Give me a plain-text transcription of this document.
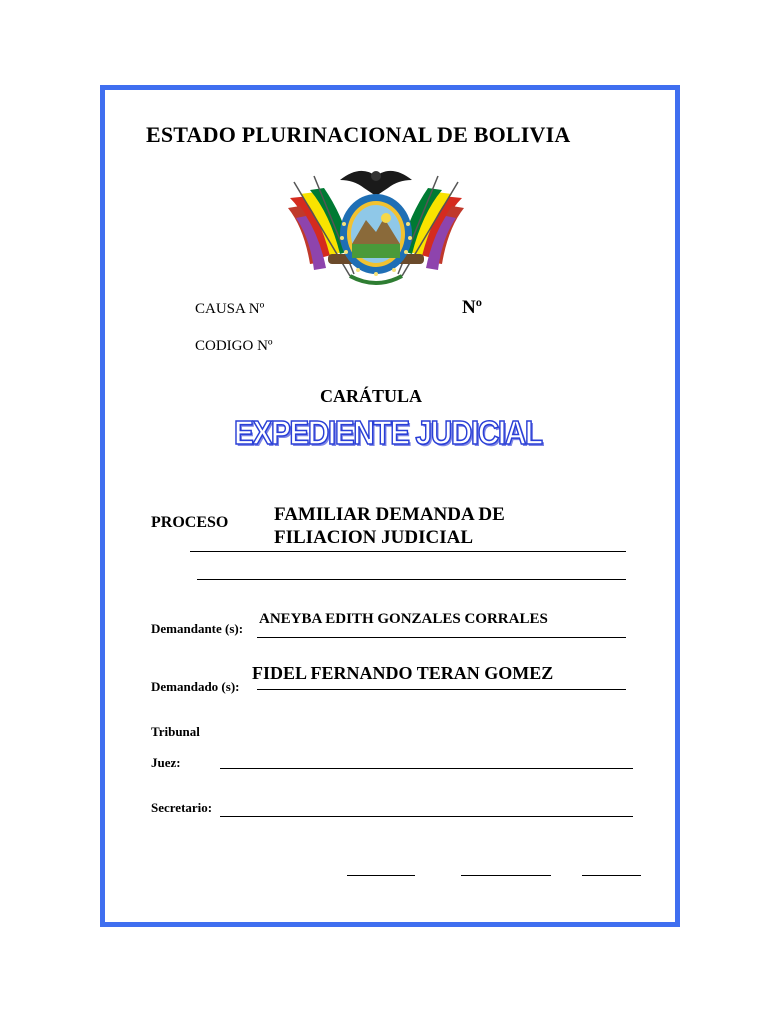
ESTADO PLURINACIONAL DE BOLIVIA
CAUSA Nº	Nº
CODIGO Nº
CARÁTULA
EXPEDIENTE JUDICIAL
PROCESO FAMILIAR DEMANDA DE
FILIACION JUDICIAL
Demandante (s):
ANEYBA EDITH GONZALES CORRALES
Demandado (s):
FIDEL FERNANDO TERAN GOMEZ
Tribunal
Juez:
Secretario:
